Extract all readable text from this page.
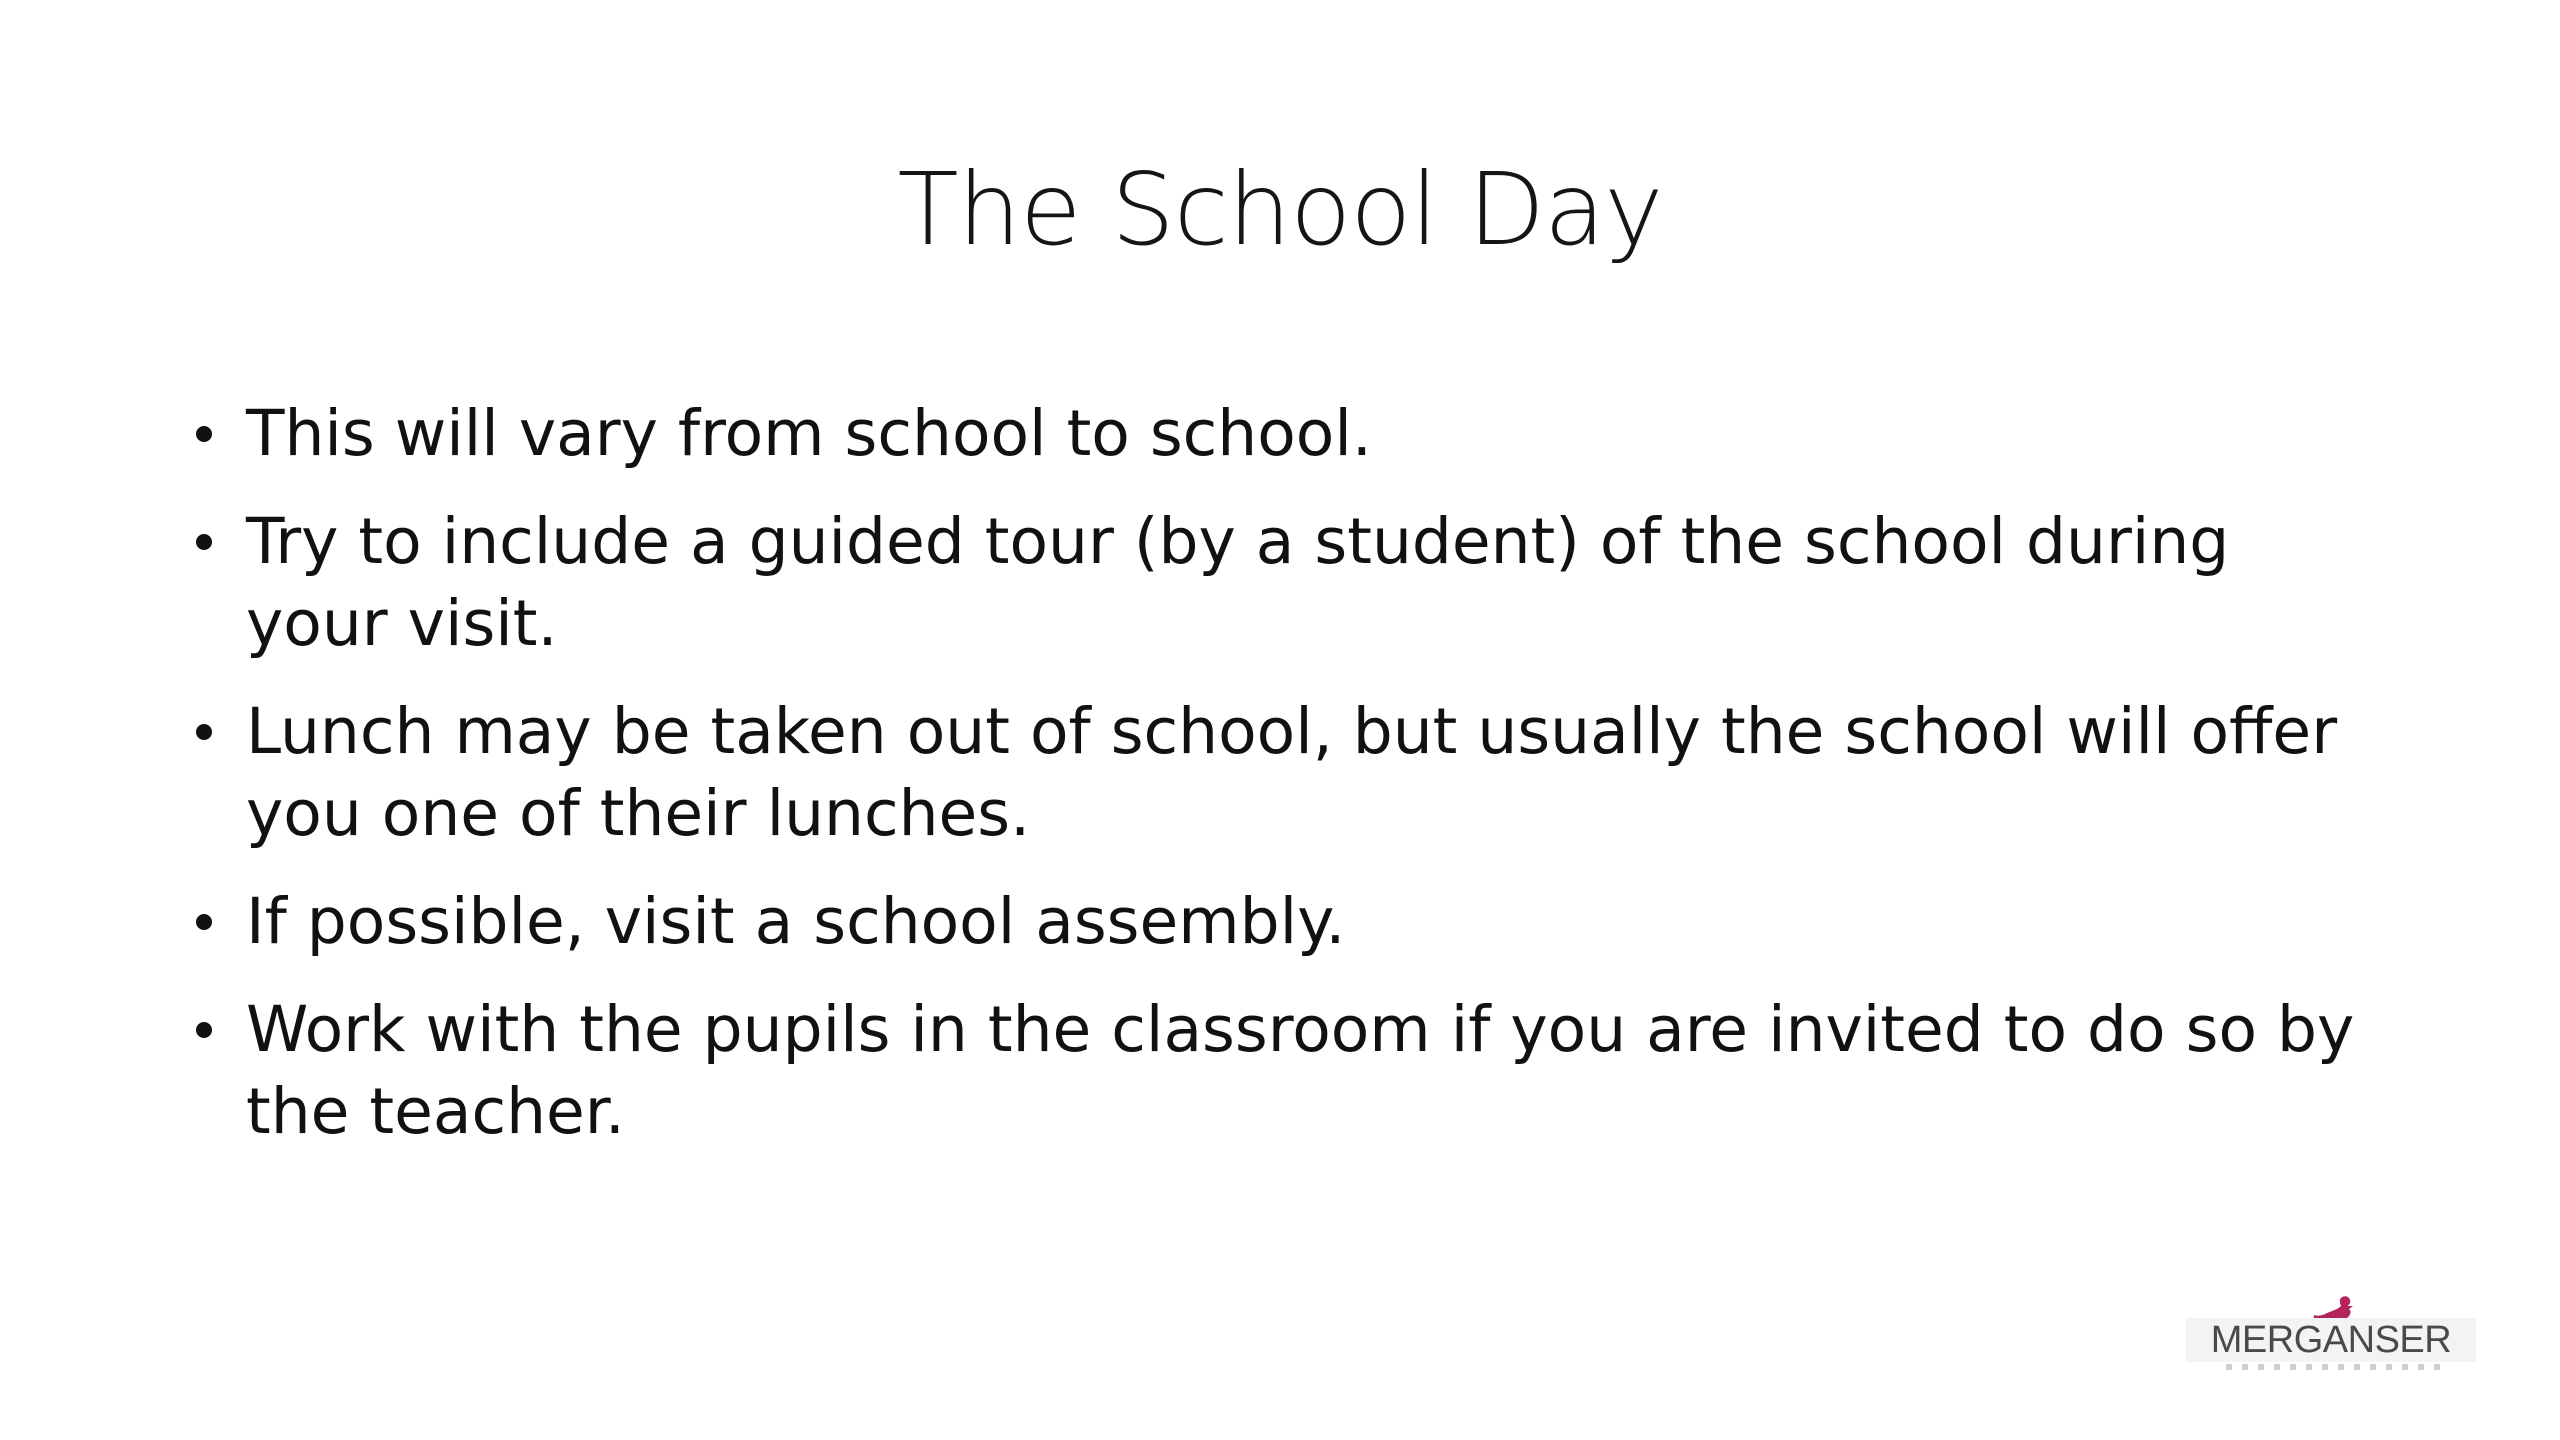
The School Day
This will vary from school to school.
Try to include a guided tour (by a student) of the school during your visit.
Lunch may be taken out of school, but usually the school will offer you one of their lunches.
If possible, visit a school assembly.
Work with the pupils in the classroom if you are invited to do so by the teacher.
MERGANSER
